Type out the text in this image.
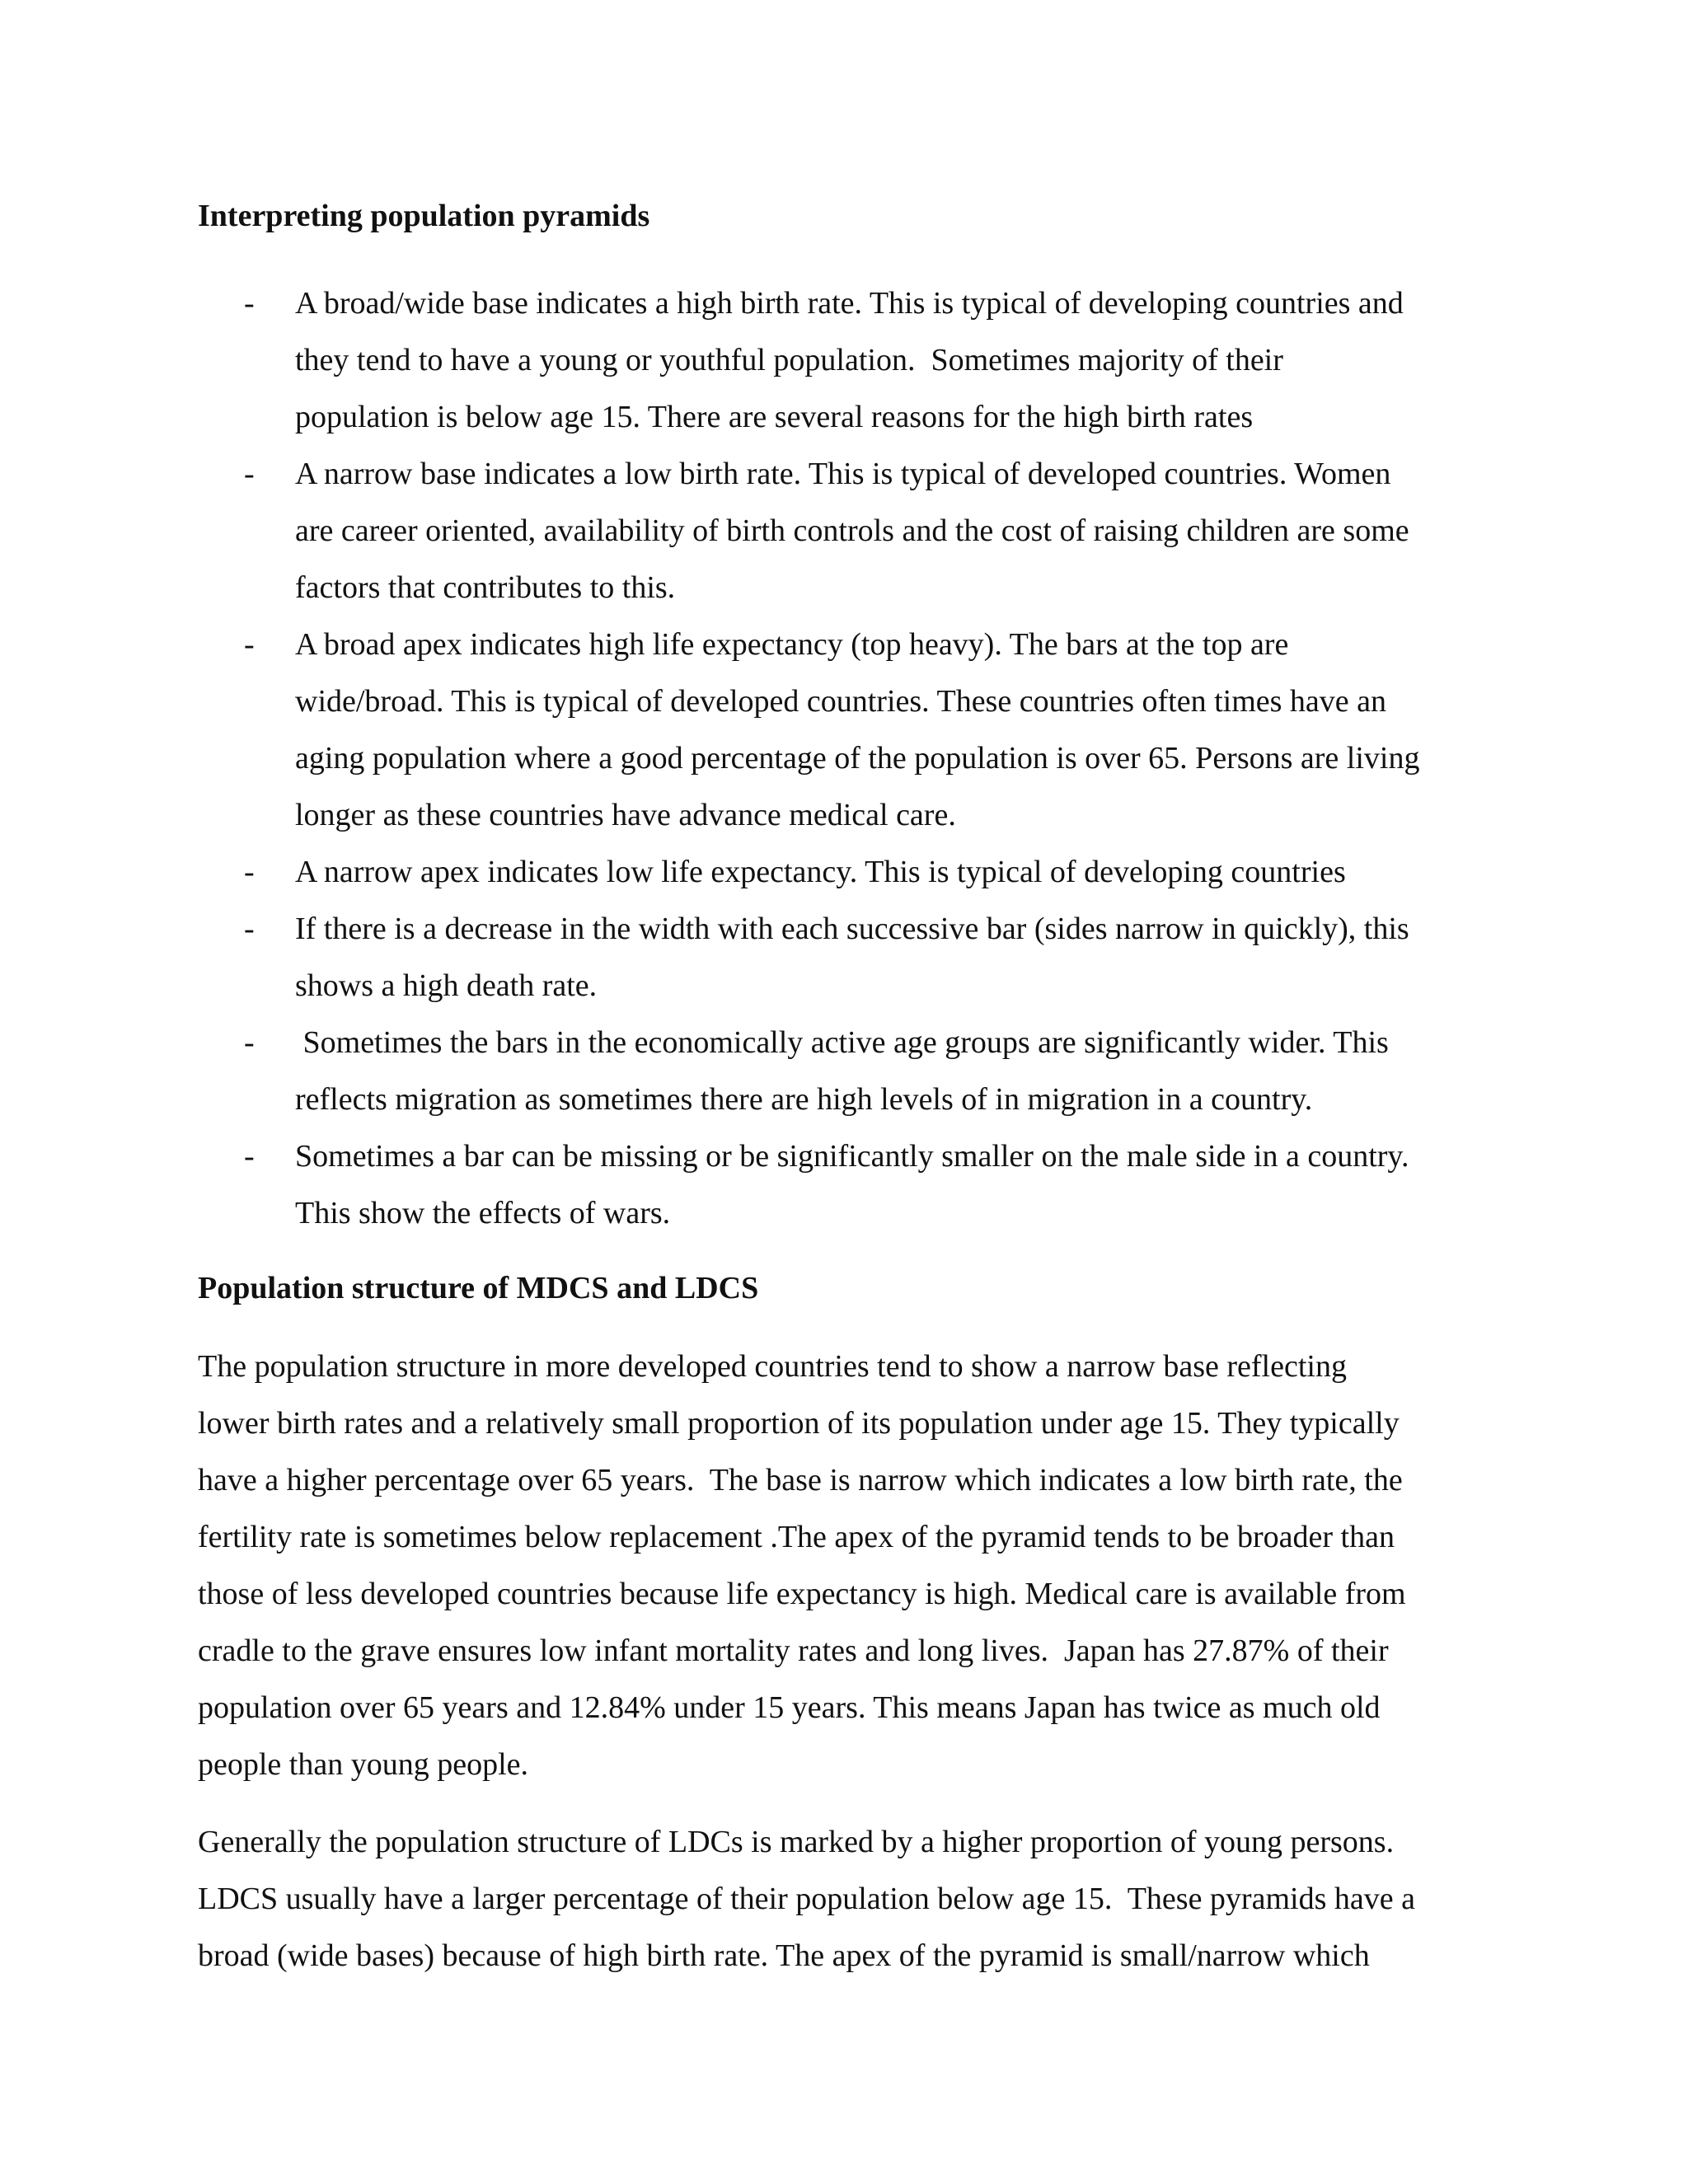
Interpreting population pyramids
- A broad/wide base indicates a high birth rate. This is typical of developing countries and
they tend to have a young or youthful population.  Sometimes majority of their
population is below age 15. There are several reasons for the high birth rates
- A narrow base indicates a low birth rate. This is typical of developed countries. Women
are career oriented, availability of birth controls and the cost of raising children are some
factors that contributes to this.
- A broad apex indicates high life expectancy (top heavy). The bars at the top are
wide/broad. This is typical of developed countries. These countries often times have an
aging population where a good percentage of the population is over 65. Persons are living
longer as these countries have advance medical care.
- A narrow apex indicates low life expectancy. This is typical of developing countries
- If there is a decrease in the width with each successive bar (sides narrow in quickly), this
shows a high death rate.
- Sometimes the bars in the economically active age groups are significantly wider. This
reflects migration as sometimes there are high levels of in migration in a country.
- Sometimes a bar can be missing or be significantly smaller on the male side in a country.
This show the effects of wars.
Population structure of MDCS and LDCS

The population structure in more developed countries tend to show a narrow base reflecting
lower birth rates and a relatively small proportion of its population under age 15. They typically
have a higher percentage over 65 years.  The base is narrow which indicates a low birth rate, the
fertility rate is sometimes below replacement .The apex of the pyramid tends to be broader than
those of less developed countries because life expectancy is high. Medical care is available from
cradle to the grave ensures low infant mortality rates and long lives.  Japan has 27.87% of their
population over 65 years and 12.84% under 15 years. This means Japan has twice as much old
people than young people.

Generally the population structure of LDCs is marked by a higher proportion of young persons.
LDCS usually have a larger percentage of their population below age 15.  These pyramids have a
broad (wide bases) because of high birth rate. The apex of the pyramid is small/narrow which
